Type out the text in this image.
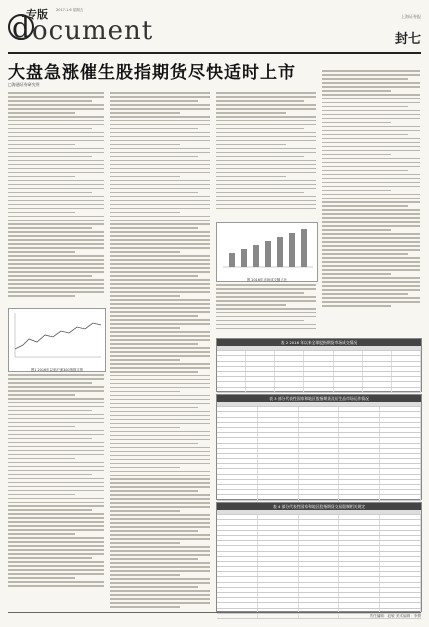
专版
d ocument
2017.1.6 星期五
上海证券报
封七
大盘急涨催生股指期货尽快适时上市
□海通证券研究所
图1 2016年以来沪深300指数走势
图 2016年市场成交额占比
表 2 2016 年以来全球股指期货市场成交情况
表 3 部分代表性国家和地区股指期货及衍生品市场运作情况
表 4 部分代表性国家和地区股指期货交易限制相关规定
责任编辑：赵敏 美术编辑：李梦
